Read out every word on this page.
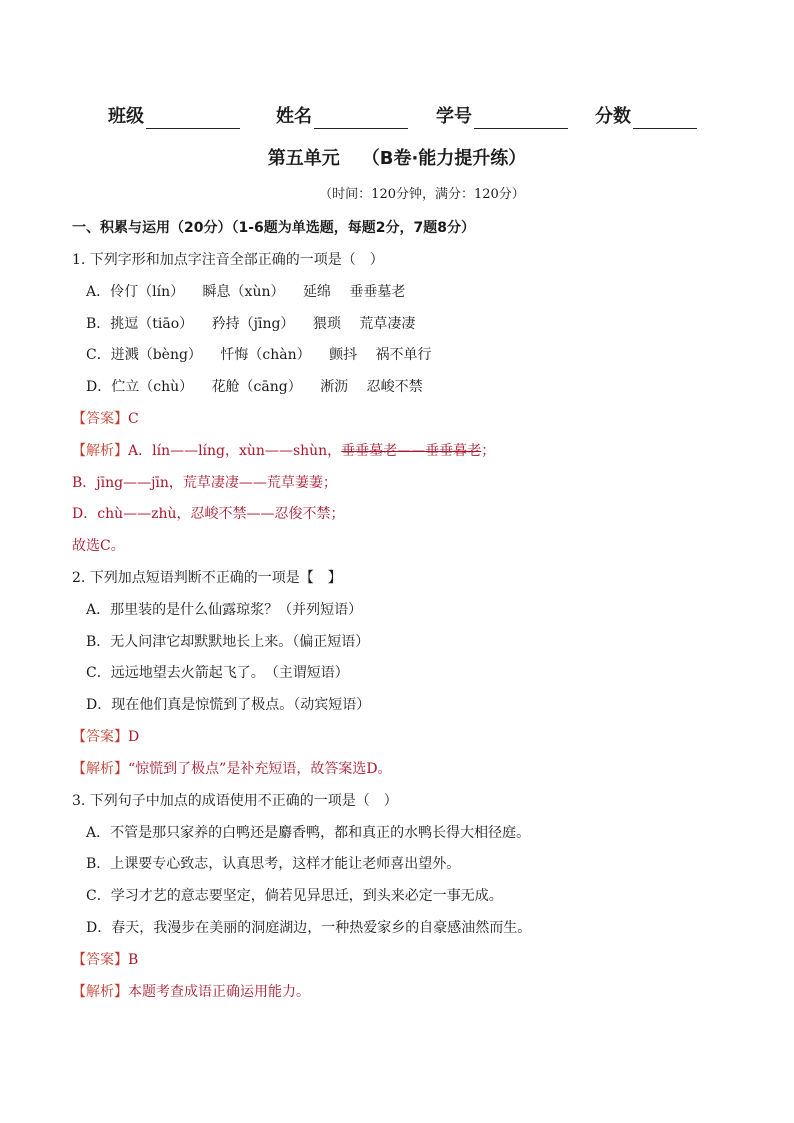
班级	姓名	学号	分数
第五单元 （B卷·能力提升练）
（时间：120分钟，满分：120分）
一、积累与运用（20分）（1-6题为单选题，每题2分，7题8分）
1. 下列字形和加点字注音全部正确的一项是（　）
A．伶仃（lín） 瞬息（xùn） 延绵 垂垂墓老
B．挑逗（tiāo） 矜持（jīng） 猥琐 荒草凄凄
C．迸溅（bèng） 忏悔（chàn） 颤抖 祸不单行
D．伫立（chù） 花舱（cāng） 淅沥 忍峻不禁
【答案】C
【解析】A．lín——líng，xùn——shùn，垂垂墓老——垂垂暮老；
B．jīng——jīn，荒草凄凄——荒草萋萋；
D．chù——zhù，忍峻不禁——忍俊不禁；
故选C。
2. 下列加点短语判断不正确的一项是【　】
A．那里装的是什么仙露琼浆？（并列短语）
B．无人问津它却默默地长上来。（偏正短语）
C．远远地望去火箭起飞了。　（主谓短语）
D．现在他们真是惊慌到了极点。（动宾短语）
【答案】D
【解析】“惊慌到了极点”是补充短语，故答案选D。
3. 下列句子中加点的成语使用不正确的一项是（　）
A．不管是那只家养的白鸭还是麝香鸭，都和真正的水鸭长得大相径庭。
B．上课要专心致志，认真思考，这样才能让老师喜出望外。
C．学习才艺的意志要坚定，倘若见异思迁，到头来必定一事无成。
D．春天，我漫步在美丽的洞庭湖边，一种热爱家乡的自豪感油然而生。
【答案】B
【解析】本题考查成语正确运用能力。
